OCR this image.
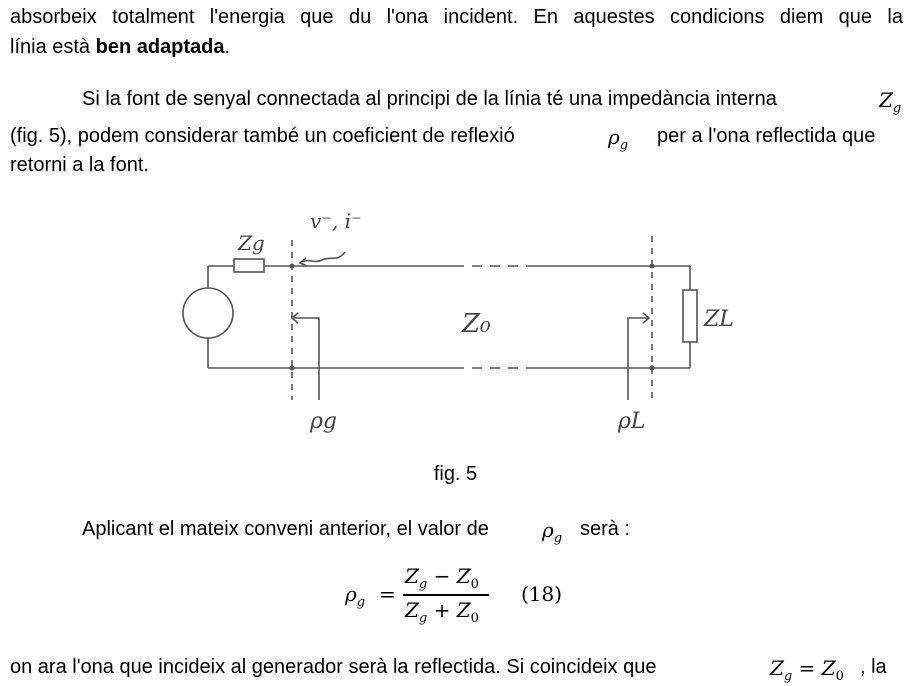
absorbeix totalment l'energia que du l'ona incident. En aquestes condicions diem que la
línia està ben adaptada.
Si la font de senyal connectada al principi de la línia té una impedància interna	$Z_g$
(fig. 5), podem considerar també un coeficient de reflexió	$\rho_g$ per a l'ona reflectida que
retorni a la font.
Zg
v⁻, i⁻
Z₀	ZL
ρg	ρL
fig. 5
Aplicant el mateix conveni anterior, el valor de	$\rho_g$ serà :
$\rho_g$ =
$Z_g - Z_0$
$Z_g + Z_0$
(18)
on ara l'ona que incideix al generador serà la reflectida. Si coincideix que	$Z_g = Z_0$ , la
